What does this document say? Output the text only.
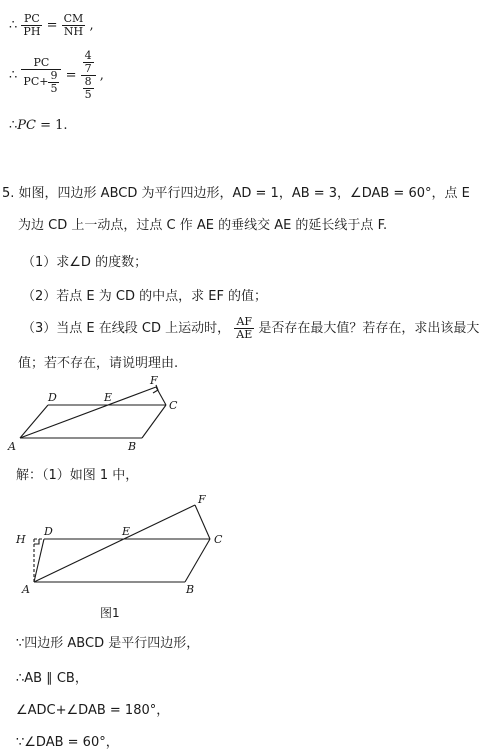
∴ $\frac{PC}{PH} = \frac{CM}{NH}$ ,
∴ $\frac{PC}{PC+ \frac{9}{5}} = \frac{\frac{4}{7}}{\frac{8}{5}}$ ,
∴PC = 1.
5. 如图，四边形 ABCD 为平行四边形，AD = 1，AB = 3，∠DAB = 60°，点 E
为边 CD 上一动点，过点 C 作 AE 的垂线交 AE 的延长线于点 F.
（1）求∠D 的度数；
（2）若点 E 为 CD 的中点，求 EF 的值；
（3）当点 E 在线段 CD 上运动时， $\frac{AF}{AE}$ 是否存在最大值？若存在，求出该最大
值；若不存在，请说明理由.
A	B
C
D	E
F
解：（1）如图 1 中，
A	B
C
D	E
F
H
图1
∵四边形 ABCD 是平行四边形，
∴AB ∥ CB，
∠ADC+∠DAB = 180°，
∵∠DAB = 60°，
